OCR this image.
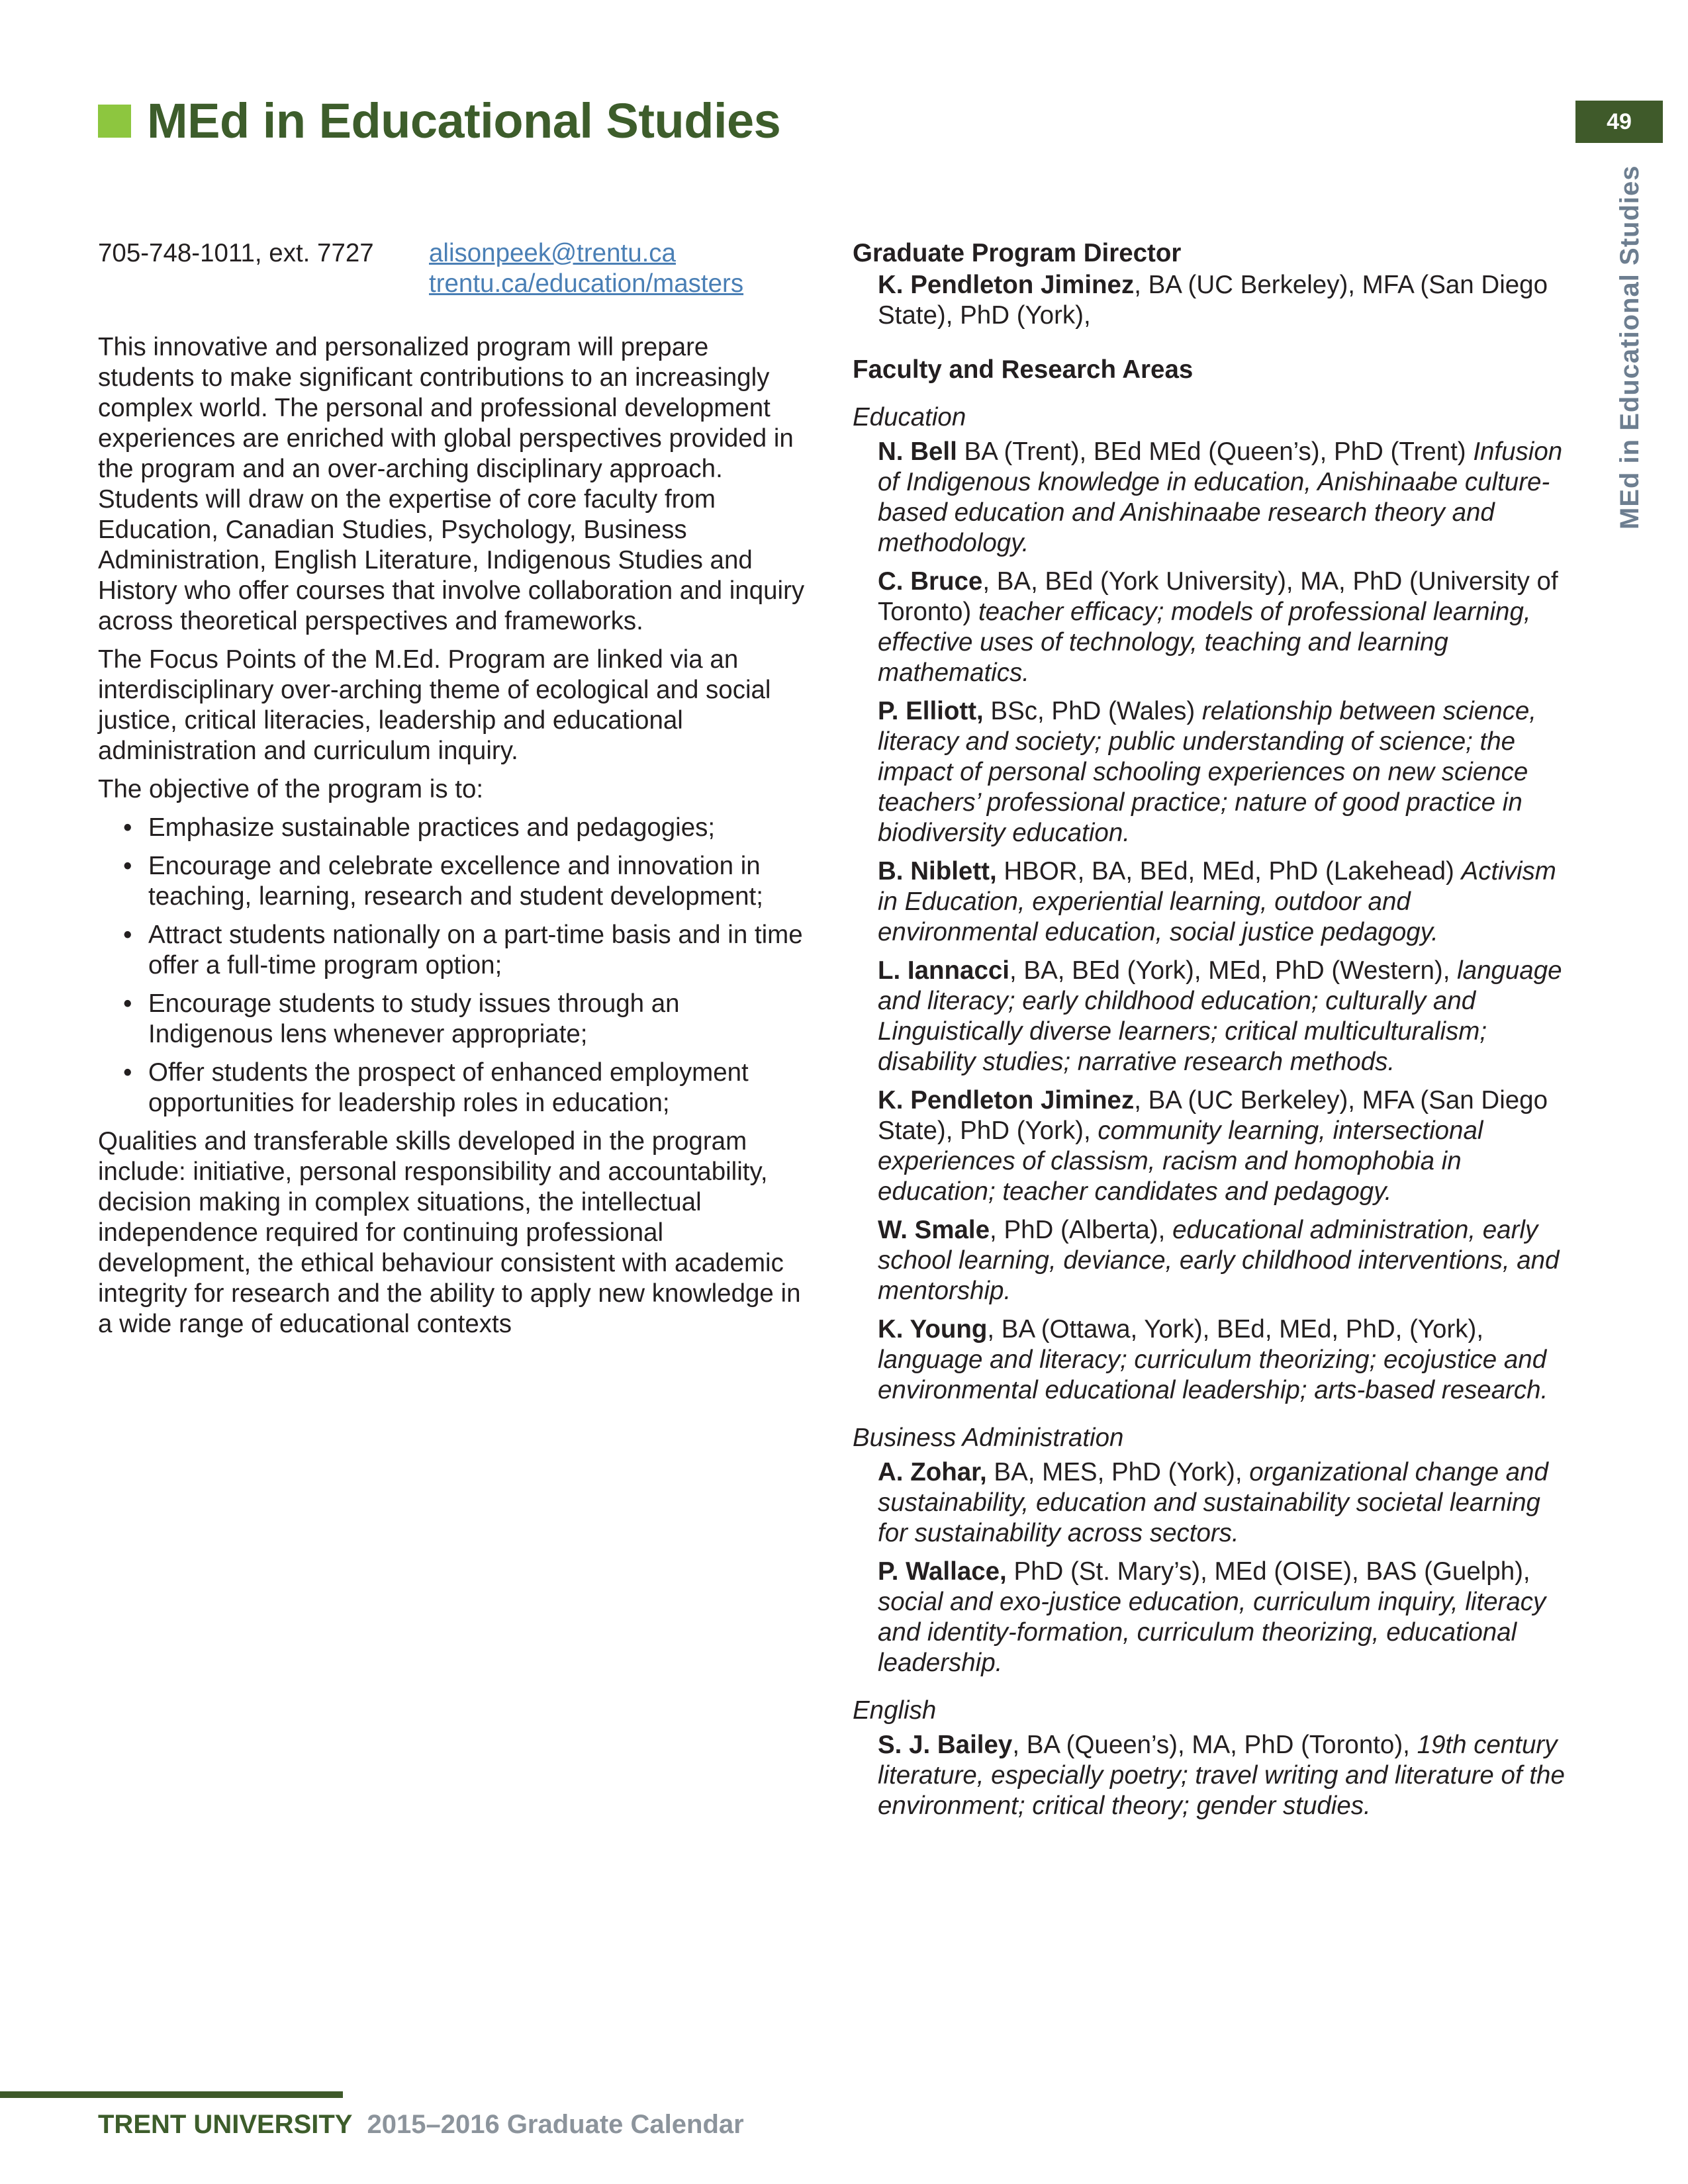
MEd in Educational Studies	49
MEd in Educational Studies
705-748-1011, ext. 7727	alisonpeek@trentu.ca
trentu.ca/education/masters

This innovative and personalized program will prepare students to make significant contributions to an increasingly complex world. The personal and professional development experiences are enriched with global perspectives provided in the program and an over-arching disciplinary approach. Students will draw on the expertise of core faculty from Education, Canadian Studies, Psychology, Business Administration, English Literature, Indigenous Studies and History who offer courses that involve collaboration and inquiry across theoretical perspectives and frameworks.

The Focus Points of the M.Ed. Program are linked via an interdisciplinary over-arching theme of ecological and social justice, critical literacies, leadership and educational administration and curriculum inquiry.

The objective of the program is to:

• Emphasize sustainable practices and pedagogies;
• Encourage and celebrate excellence and innovation in teaching, learning, research and student development;
• Attract students nationally on a part-time basis and in time offer a full-time program option;
• Encourage students to study issues through an Indigenous lens whenever appropriate;
• Offer students the prospect of enhanced employment opportunities for leadership roles in education;

Qualities and transferable skills developed in the program include: initiative, personal responsibility and accountability, decision making in complex situations, the intellectual independence required for continuing professional development, the ethical behaviour consistent with academic integrity for research and the ability to apply new knowledge in a wide range of educational contexts

Graduate Program Director
K. Pendleton Jiminez, BA (UC Berkeley), MFA (San Diego State), PhD (York),
Faculty and Research Areas
Education
N. Bell BA (Trent), BEd MEd (Queen’s), PhD (Trent) Infusion of Indigenous knowledge in education, Anishinaabe culture-based education and Anishinaabe research theory and methodology.
C. Bruce, BA, BEd (York University), MA, PhD (University of Toronto) teacher efficacy; models of professional learning, effective uses of technology, teaching and learning mathematics.
P. Elliott, BSc, PhD (Wales) relationship between science, literacy and society; public understanding of science; the impact of personal schooling experiences on new science teachers’ professional practice; nature of good practice in biodiversity education.
B. Niblett, HBOR, BA, BEd, MEd, PhD (Lakehead) Activism in Education, experiential learning, outdoor and environmental education, social justice pedagogy.
L. Iannacci, BA, BEd (York), MEd, PhD (Western), language and literacy; early childhood education; culturally and Linguistically diverse learners; critical multiculturalism; disability studies; narrative research methods.
K. Pendleton Jiminez, BA (UC Berkeley), MFA (San Diego State), PhD (York), community learning, intersectional experiences of classism, racism and homophobia in education; teacher candidates and pedagogy.
W. Smale, PhD (Alberta), educational administration, early school learning, deviance, early childhood interventions, and mentorship.
K. Young, BA (Ottawa, York), BEd, MEd, PhD, (York), language and literacy; curriculum theorizing; ecojustice and environmental educational leadership; arts-based research.
Business Administration
A. Zohar, BA, MES, PhD (York), organizational change and sustainability, education and sustainability societal learning for sustainability across sectors.
P. Wallace, PhD (St. Mary’s), MEd (OISE), BAS (Guelph), social and exo-justice education, curriculum inquiry, literacy and identity-formation, curriculum theorizing, educational leadership.
English
S. J. Bailey, BA (Queen’s), MA, PhD (Toronto), 19th century literature, especially poetry; travel writing and literature of the environment; critical theory; gender studies.
TRENT UNIVERSITY 2015–2016 Graduate Calendar
